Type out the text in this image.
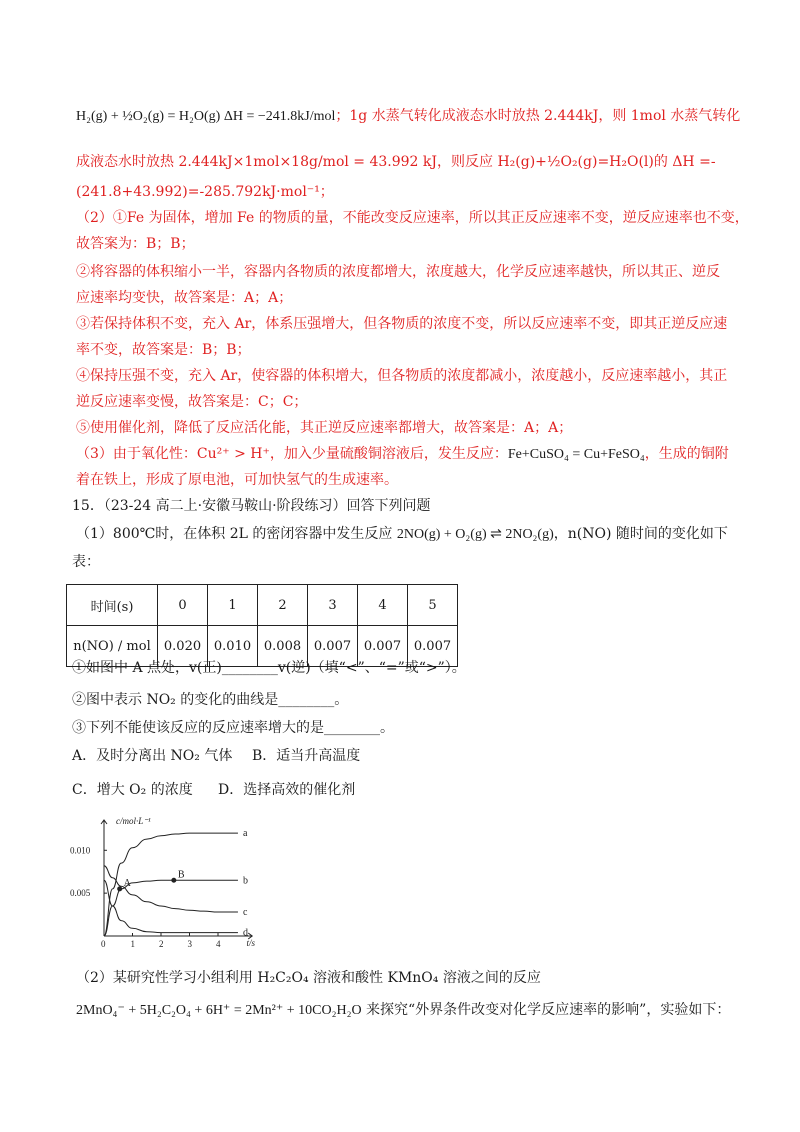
H₂(g) + ½O₂(g) = H₂O(g) ΔH = −241.8kJ/mol；1g 水蒸气转化成液态水时放热 2.444kJ，则 1mol 水蒸气转化
成液态水时放热 2.444kJ×1mol×18g/mol = 43.992 kJ，则反应 H₂(g)+½O₂(g)=H₂O(l)的 ΔH =-
(241.8+43.992)=-285.792kJ·mol⁻¹；
（2）①Fe 为固体，增加 Fe 的物质的量，不能改变反应速率，所以其正反应速率不变，逆反应速率也不变，
故答案为：B；B；
②将容器的体积缩小一半，容器内各物质的浓度都增大，浓度越大，化学反应速率越快，所以其正、逆反
应速率均变快，故答案是：A；A；
③若保持体积不变，充入 Ar，体系压强增大，但各物质的浓度不变，所以反应速率不变，即其正逆反应速
率不变，故答案是：B；B；
④保持压强不变，充入 Ar，使容器的体积增大，但各物质的浓度都减小，浓度越小，反应速率越小，其正
逆反应速率变慢，故答案是：C；C；
⑤使用催化剂，降低了反应活化能，其正逆反应速率都增大，故答案是：A；A；
（3）由于氧化性：Cu²⁺ > H⁺，加入少量硫酸铜溶液后，发生反应：Fe+CuSO₄ = Cu+FeSO₄，生成的铜附
着在铁上，形成了原电池，可加快氢气的生成速率。
15．（23-24 高二上·安徽马鞍山·阶段练习）回答下列问题
（1）800℃时，在体积 2L 的密闭容器中发生反应 2NO(g) + O₂(g) ⇌ 2NO₂(g)，n(NO) 随时间的变化如下
表：
时间(s)	0	1	2	3	4	5
n(NO) / mol	0.020	0.010	0.008	0.007	0.007	0.007
①如图中 A 点处，v(正)________v(逆)（填“<”、“=”或“>”）。
②图中表示 NO₂ 的变化的曲线是________。
③下列不能使该反应的反应速率增大的是________。
A．及时分离出 NO₂ 气体 B．适当升高温度
C．增大 O₂ 的浓度 D．选择高效的催化剂
0	1	2	3	4
0.005
0.010
c/mol·L⁻¹
t/s
a
b
c
d
A
B
（2）某研究性学习小组利用 H₂C₂O₄ 溶液和酸性 KMnO₄ 溶液之间的反应
2MnO₄⁻ + 5H₂C₂O₄ + 6H⁺ = 2Mn²⁺ + 10CO₂H₂O 来探究“外界条件改变对化学反应速率的影响”，实验如下：
